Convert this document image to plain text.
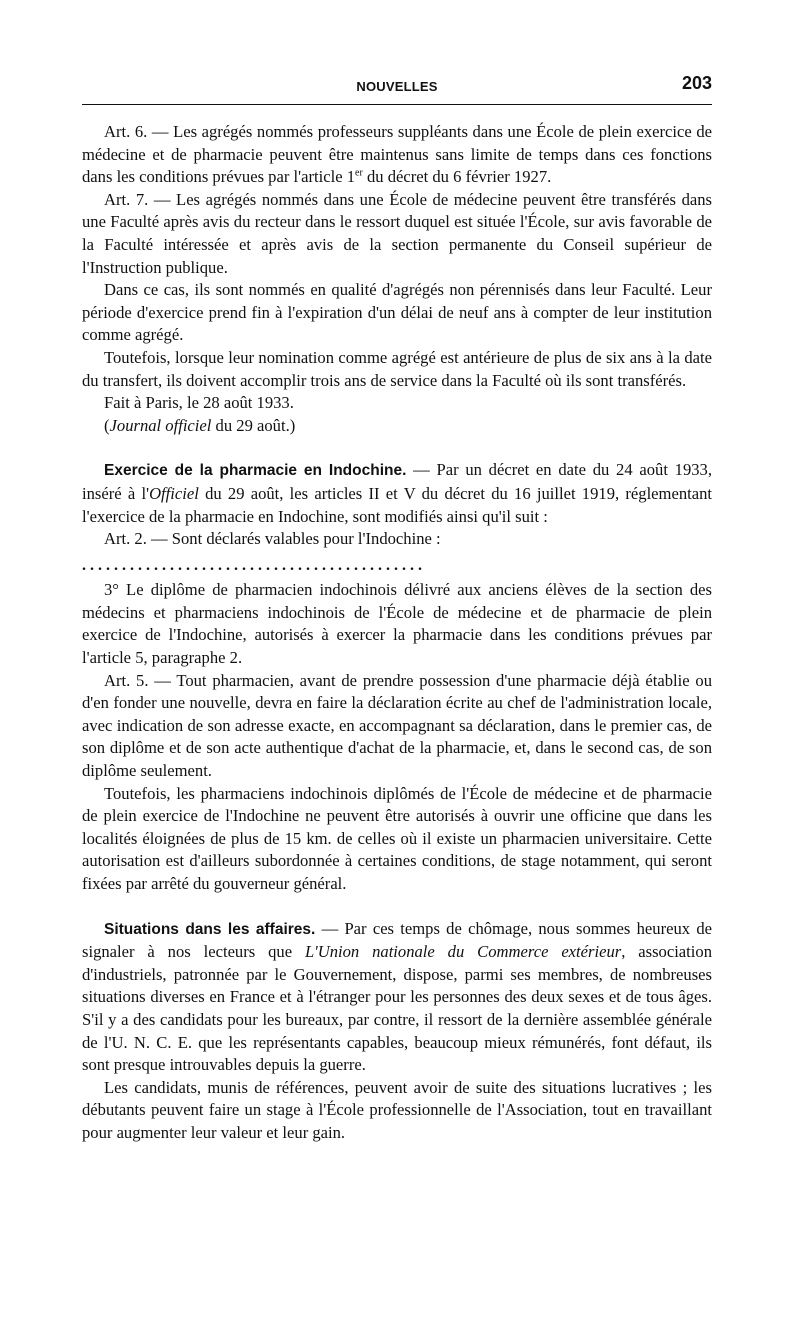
NOUVELLES	203

Art. 6. — Les agrégés nommés professeurs suppléants dans une École de plein exercice de médecine et de pharmacie peuvent être maintenus sans limite de temps dans ces fonctions dans les conditions prévues par l'article 1er du décret du 6 février 1927.

Art. 7. — Les agrégés nommés dans une École de médecine peuvent être transférés dans une Faculté après avis du recteur dans le ressort duquel est située l'École, sur avis favorable de la Faculté intéressée et après avis de la section permanente du Conseil supérieur de l'Instruction publique.

Dans ce cas, ils sont nommés en qualité d'agrégés non pérennisés dans leur Faculté. Leur période d'exercice prend fin à l'expiration d'un délai de neuf ans à compter de leur institution comme agrégé.

Toutefois, lorsque leur nomination comme agrégé est antérieure de plus de six ans à la date du transfert, ils doivent accomplir trois ans de service dans la Faculté où ils sont transférés.

Fait à Paris, le 28 août 1933.

(Journal officiel du 29 août.)

Exercice de la pharmacie en Indochine. — Par un décret en date du 24 août 1933, inséré à l'Officiel du 29 août, les articles II et V du décret du 16 juillet 1919, réglementant l'exercice de la pharmacie en Indochine, sont modifiés ainsi qu'il suit :

Art. 2. — Sont déclarés valables pour l'Indochine :

. . . . . . . . . . . . . . . . . . . . . . . . . . . . . . . . . . . . . . . . . . .

3° Le diplôme de pharmacien indochinois délivré aux anciens élèves de la section des médecins et pharmaciens indochinois de l'École de médecine et de pharmacie de plein exercice de l'Indochine, autorisés à exercer la pharmacie dans les conditions prévues par l'article 5, paragraphe 2.

Art. 5. — Tout pharmacien, avant de prendre possession d'une pharmacie déjà établie ou d'en fonder une nouvelle, devra en faire la déclaration écrite au chef de l'administration locale, avec indication de son adresse exacte, en accompagnant sa déclaration, dans le premier cas, de son diplôme et de son acte authentique d'achat de la pharmacie, et, dans le second cas, de son diplôme seulement.

Toutefois, les pharmaciens indochinois diplômés de l'École de médecine et de pharmacie de plein exercice de l'Indochine ne peuvent être autorisés à ouvrir une officine que dans les localités éloignées de plus de 15 km. de celles où il existe un pharmacien universitaire. Cette autorisation est d'ailleurs subordonnée à certaines conditions, de stage notamment, qui seront fixées par arrêté du gouverneur général.

Situations dans les affaires. — Par ces temps de chômage, nous sommes heureux de signaler à nos lecteurs que L'Union nationale du Commerce extérieur, association d'industriels, patronnée par le Gouvernement, dispose, parmi ses membres, de nombreuses situations diverses en France et à l'étranger pour les personnes des deux sexes et de tous âges. S'il y a des candidats pour les bureaux, par contre, il ressort de la dernière assemblée générale de l'U. N. C. E. que les représentants capables, beaucoup mieux rémunérés, font défaut, ils sont presque introuvables depuis la guerre.

Les candidats, munis de références, peuvent avoir de suite des situations lucratives ; les débutants peuvent faire un stage à l'École professionnelle de l'Association, tout en travaillant pour augmenter leur valeur et leur gain.
